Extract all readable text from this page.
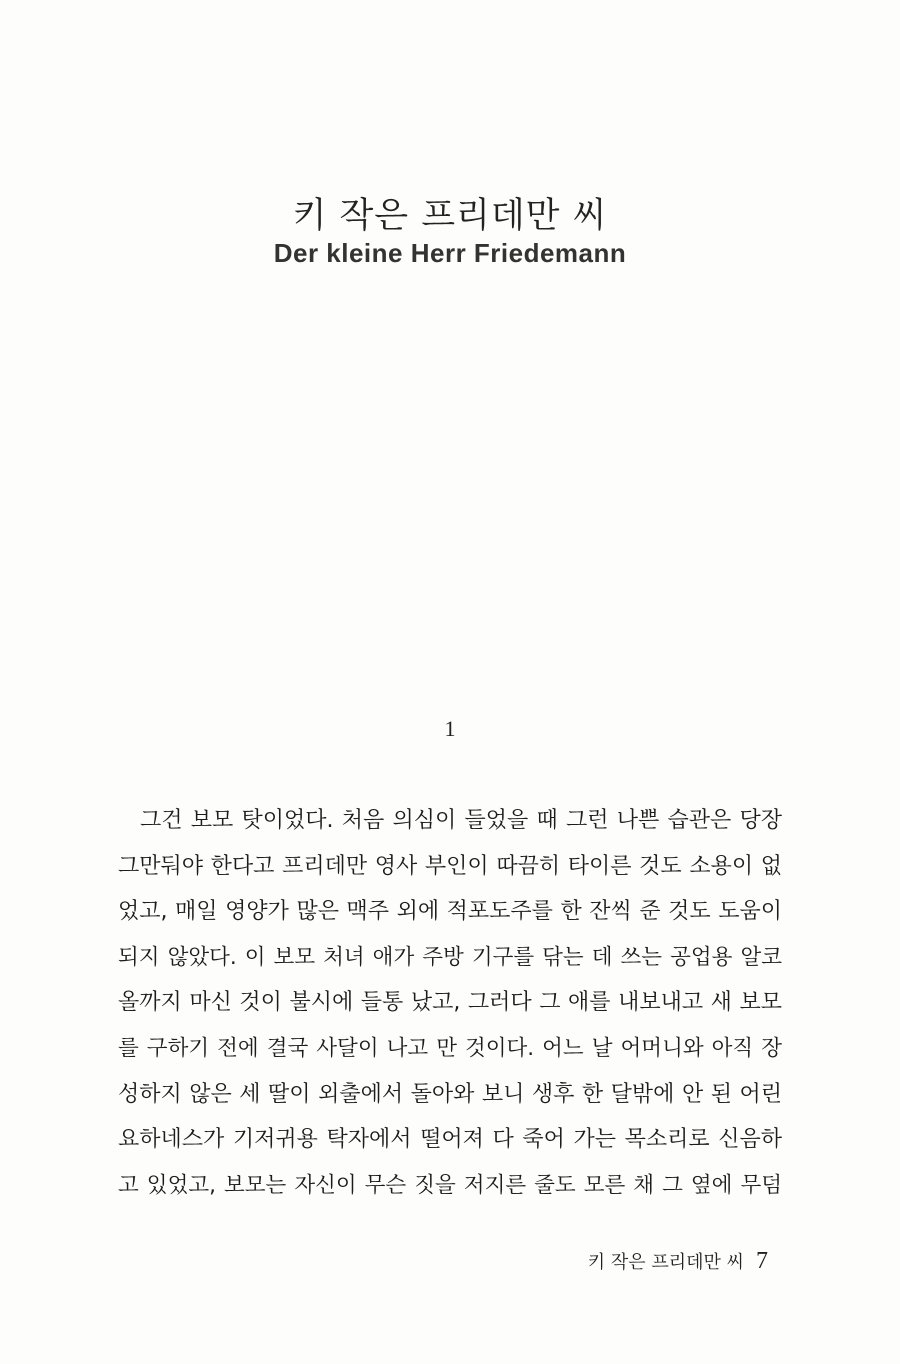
키 작은 프리데만 씨
Der kleine Herr Friedemann
1
그건 보모 탓이었다. 처음 의심이 들었을 때 그런 나쁜 습관은 당장
그만둬야 한다고 프리데만 영사 부인이 따끔히 타이른 것도 소용이 없
었고, 매일 영양가 많은 맥주 외에 적포도주를 한 잔씩 준 것도 도움이
되지 않았다. 이 보모 처녀 애가 주방 기구를 닦는 데 쓰는 공업용 알코
올까지 마신 것이 불시에 들통 났고, 그러다 그 애를 내보내고 새 보모
를 구하기 전에 결국 사달이 나고 만 것이다. 어느 날 어머니와 아직 장
성하지 않은 세 딸이 외출에서 돌아와 보니 생후 한 달밖에 안 된 어린
요하네스가 기저귀용 탁자에서 떨어져 다 죽어 가는 목소리로 신음하
고 있었고, 보모는 자신이 무슨 짓을 저지른 줄도 모른 채 그 옆에 무덤
키 작은 프리데만 씨 7
